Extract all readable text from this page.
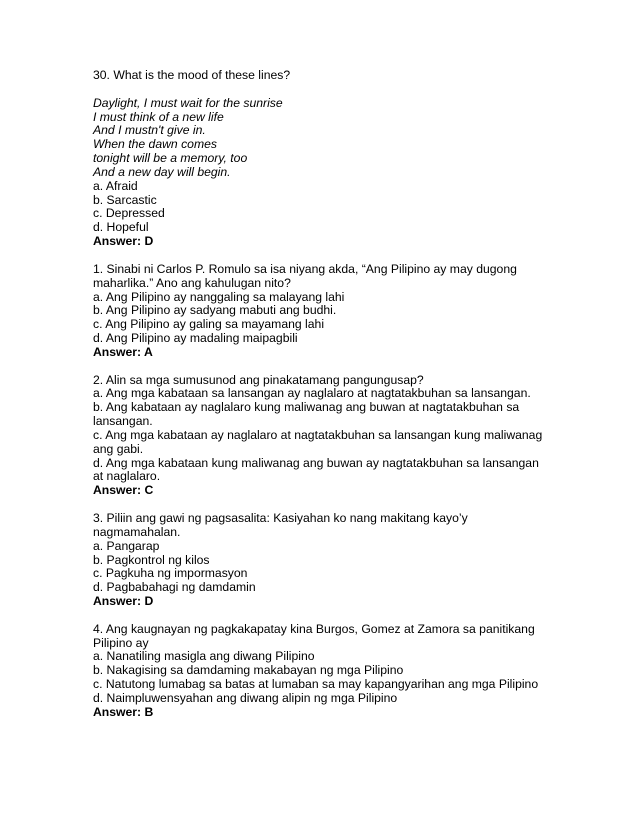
30. What is the mood of these lines?
Daylight, I must wait for the sunrise
I must think of a new life
And I mustn't give in.
When the dawn comes
tonight will be a memory, too
And a new day will begin.
a. Afraid
b. Sarcastic
c. Depressed
d. Hopeful
Answer: D
1. Sinabi ni Carlos P. Romulo sa isa niyang akda, “Ang Pilipino ay may dugong
maharlika.” Ano ang kahulugan nito?
a. Ang Pilipino ay nanggaling sa malayang lahi
b. Ang Pilipino ay sadyang mabuti ang budhi.
c. Ang Pilipino ay galing sa mayamang lahi
d. Ang Pilipino ay madaling maipagbili
Answer: A
2. Alin sa mga sumusunod ang pinakatamang pangungusap?
a. Ang mga kabataan sa lansangan ay naglalaro at nagtatakbuhan sa lansangan.
b. Ang kabataan ay naglalaro kung maliwanag ang buwan at nagtatakbuhan sa
lansangan.
c. Ang mga kabataan ay naglalaro at nagtatakbuhan sa lansangan kung maliwanag
ang gabi.
d. Ang mga kabataan kung maliwanag ang buwan ay nagtatakbuhan sa lansangan
at naglalaro.
Answer: C
3. Piliin ang gawi ng pagsasalita: Kasiyahan ko nang makitang kayo’y
nagmamahalan.
a. Pangarap
b. Pagkontrol ng kilos
c. Pagkuha ng impormasyon
d. Pagbabahagi ng damdamin
Answer: D
4. Ang kaugnayan ng pagkakapatay kina Burgos, Gomez at Zamora sa panitikang
Pilipino ay
a. Nanatiling masigla ang diwang Pilipino
b. Nakagising sa damdaming makabayan ng mga Pilipino
c. Natutong lumabag sa batas at lumaban sa may kapangyarihan ang mga Pilipino
d. Naimpluwensyahan ang diwang alipin ng mga Pilipino
Answer: B
